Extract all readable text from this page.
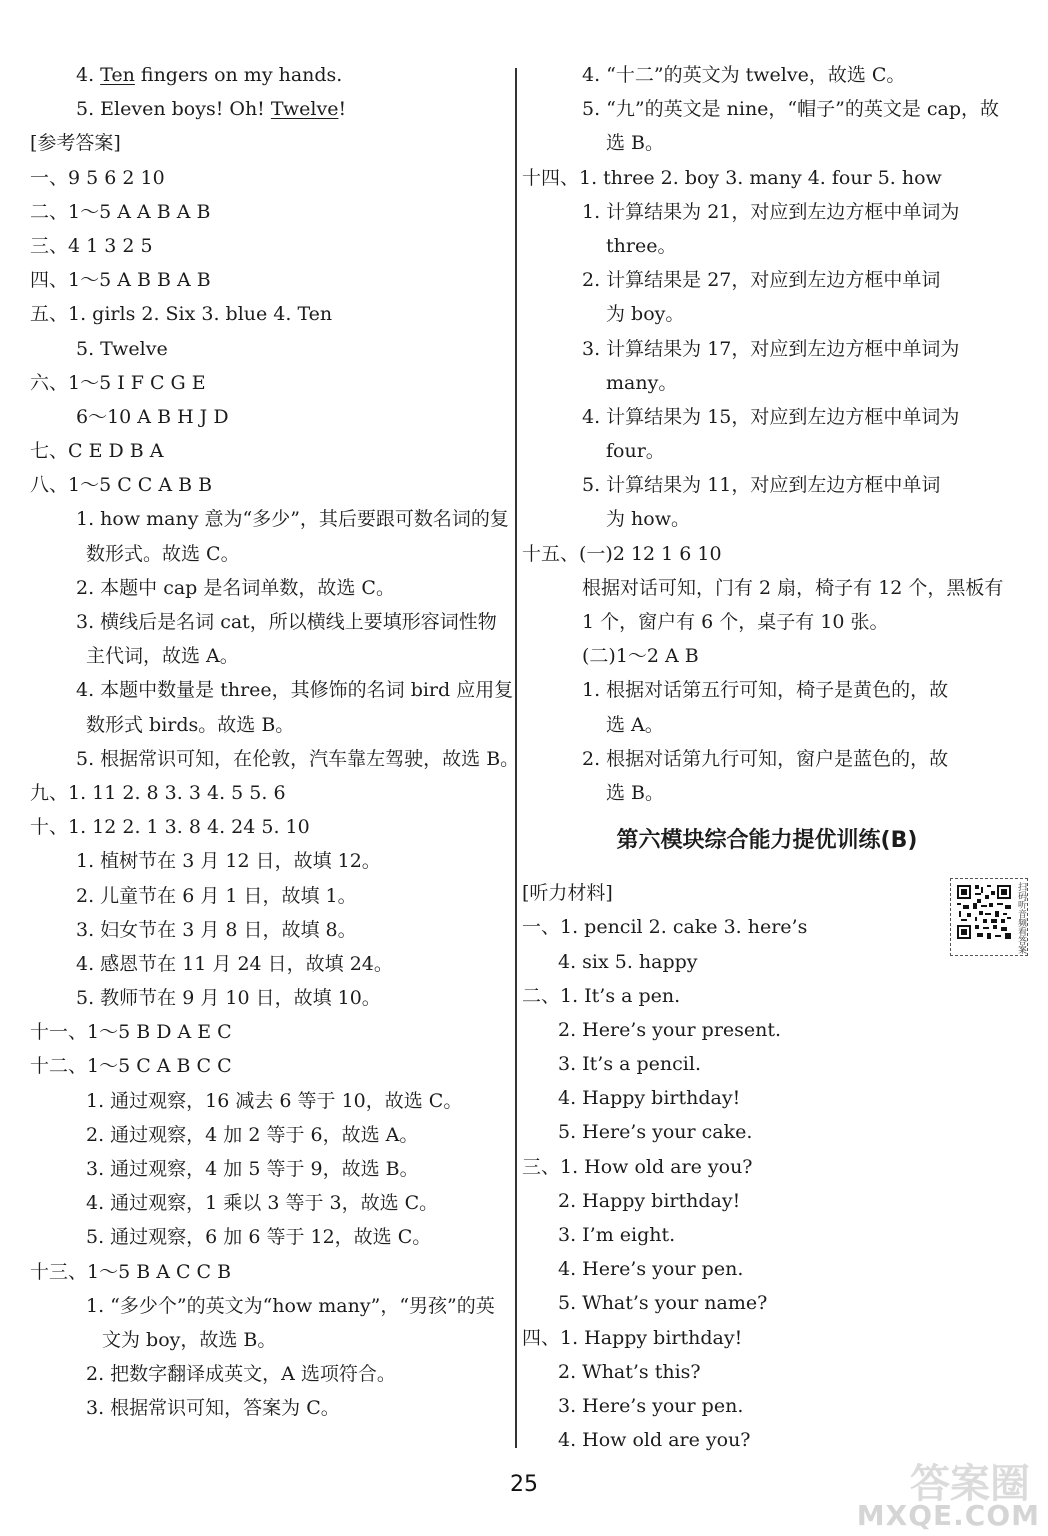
4. Ten fingers on my hands.
5. Eleven boys! Oh! Twelve!
[参考答案]
一、9 5 6 2 10
二、1～5 A A B A B
三、4 1 3 2 5
四、1～5 A B B A B
五、1. girls 2. Six 3. blue 4. Ten
5. Twelve
六、1～5 I F C G E
6～10 A B H J D
七、C E D B A
八、1～5 C C A B B
1. how many 意为“多少”，其后要跟可数名词的复
数形式。故选 C。
2. 本题中 cap 是名词单数，故选 C。
3. 横线后是名词 cat，所以横线上要填形容词性物
主代词，故选 A。
4. 本题中数量是 three，其修饰的名词 bird 应用复
数形式 birds。故选 B。
5. 根据常识可知，在伦敦，汽车靠左驾驶，故选 B。
九、1. 11 2. 8 3. 3 4. 5 5. 6
十、1. 12 2. 1 3. 8 4. 24 5. 10
1. 植树节在 3 月 12 日，故填 12。
2. 儿童节在 6 月 1 日，故填 1。
3. 妇女节在 3 月 8 日，故填 8。
4. 感恩节在 11 月 24 日，故填 24。
5. 教师节在 9 月 10 日，故填 10。
十一、1～5 B D A E C
十二、1～5 C A B C C
1. 通过观察，16 减去 6 等于 10，故选 C。
2. 通过观察，4 加 2 等于 6，故选 A。
3. 通过观察，4 加 5 等于 9，故选 B。
4. 通过观察，1 乘以 3 等于 3，故选 C。
5. 通过观察，6 加 6 等于 12，故选 C。
十三、1～5 B A C C B
1. “多少个”的英文为“how many”，“男孩”的英
文为 boy，故选 B。
2. 把数字翻译成英文，A 选项符合。
3. 根据常识可知，答案为 C。
4. “十二”的英文为 twelve，故选 C。
5. “九”的英文是 nine，“帽子”的英文是 cap，故
选 B。
十四、1. three 2. boy 3. many 4. four 5. how
1. 计算结果为 21，对应到左边方框中单词为
three。
2. 计算结果是 27，对应到左边方框中单词
为 boy。
3. 计算结果为 17，对应到左边方框中单词为
many。
4. 计算结果为 15，对应到左边方框中单词为
four。
5. 计算结果为 11，对应到左边方框中单词
为 how。
十五、(一)2 12 1 6 10
根据对话可知，门有 2 扇，椅子有 12 个，黑板有
1 个，窗户有 6 个，桌子有 10 张。
(二)1～2 A B
1. 根据对话第五行可知，椅子是黄色的，故
选 A。
2. 根据对话第九行可知，窗户是蓝色的，故
选 B。
第六模块综合能力提优训练(B)
[听力材料]
一、1. pencil 2. cake 3. here’s
4. six 5. happy
二、1. It’s a pen.
2. Here’s your present.
3. It’s a pencil.
4. Happy birthday!
5. Here’s your cake.
三、1. How old are you?
2. Happy birthday!
3. I’m eight.
4. Here’s your pen.
5. What’s your name?
四、1. Happy birthday!
2. What’s this?
3. Here’s your pen.
4. How old are you?
扫码听音频看答案
25	答案圈
MXQE.COM
